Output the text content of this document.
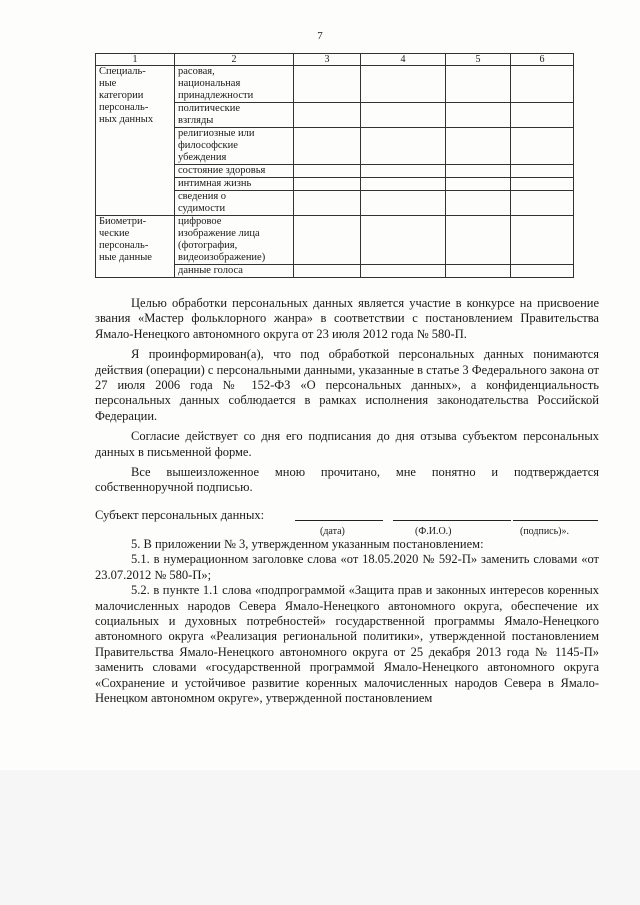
7
1	2	3	4	5	6
Специаль-
ные
категории
персональ-
ных данных	расовая,
национальная
принадлежности				
	политические
взгляды				
	религиозные или
философские
убеждения				
	состояние здоровья				
	интимная жизнь				
	сведения о
судимости				
Биометри-
ческие
персональ-
ные данные	цифровое
изображение лица
(фотография,
видеоизображение)				
	данные голоса				

Целью обработки персональных данных является участие в конкурсе на присвоение звания «Мастер фольклорного жанра» в соответствии с постановлением Правительства Ямало-Ненецкого автономного округа от 23 июля 2012 года № 580-П.

Я проинформирован(а), что под обработкой персональных данных понимаются действия (операции) с персональными данными, указанные в статье 3 Федерального закона от 27 июля 2006 года № 152-ФЗ «О персональных данных», а конфиденциальность персональных данных соблюдается в рамках исполнения законодательства Российской Федерации.

Согласие действует со дня его подписания до дня отзыва субъектом персональных данных в письменной форме.

Все вышеизложенное мною прочитано, мне понятно и подтверждается собственноручной подписью.

Субъект персональных данных:
(дата)	(Ф.И.О.)	(подпись)».

5. В приложении № 3, утвержденном указанным постановлением:

5.1. в нумерационном заголовке слова «от 18.05.2020 № 592-П» заменить словами «от 23.07.2012 № 580-П»;

5.2. в пункте 1.1 слова «подпрограммой «Защита прав и законных интересов коренных малочисленных народов Севера Ямало-Ненецкого автономного округа, обеспечение их социальных и духовных потребностей» государственной программы Ямало-Ненецкого автономного округа «Реализация региональной политики», утвержденной постановлением Правительства Ямало-Ненецкого автономного округа от 25 декабря 2013 года № 1145-П» заменить словами «государственной программой Ямало-Ненецкого автономного округа «Сохранение и устойчивое развитие коренных малочисленных народов Севера в Ямало-Ненецком автономном округе», утвержденной постановлением
